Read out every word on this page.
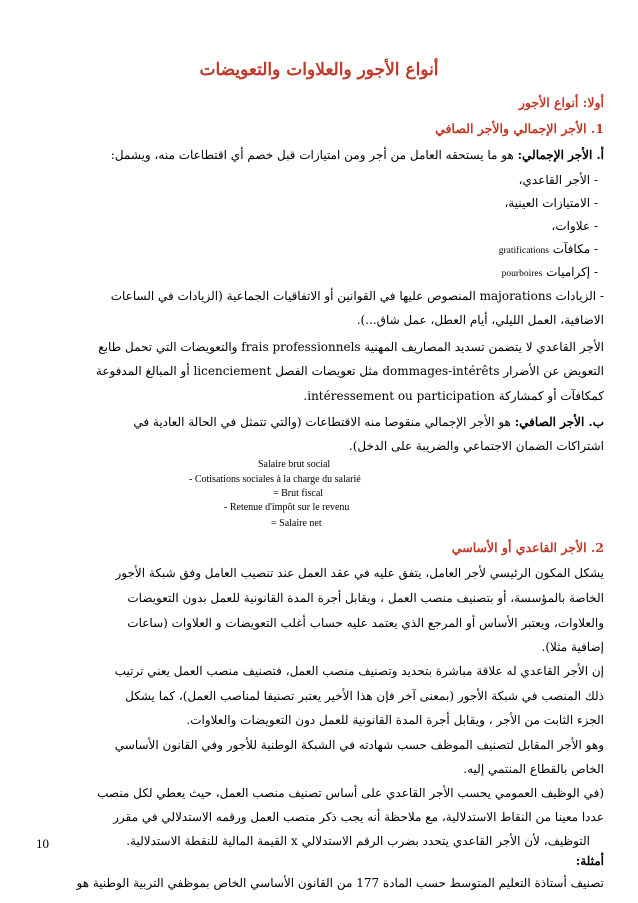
أنواع الأجور والعلاوات والتعويضات
أولا: أنواع الأجور
1. الأجر الإجمالي والأجر الصافي
أ. الأجر الإجمالي: هو ما يستحقه العامل من أجر ومن امتيازات قبل خصم أي اقتطاعات منه، ويشمل:
- الأجر القاعدي،
- الامتيازات العينية،
- علاوات،
- مكافآت gratifications
- إكراميات pourboires
- الزيادات majorations المنصوص عليها في القوانين أو الاتفاقيات الجماعية (الزيادات في الساعات
الاضافية، العمل الليلي، أيام العطل، عمل شاق...).
الأجر القاعدي لا يتضمن تسديد المصاريف المهنية frais professionnels والتعويضات التي تحمل طابع
التعويض عن الأضرار dommages-intérêts مثل تعويضات الفصل licenciement أو المبالغ المدفوعة
كمكافآت أو كمشاركة intéressement ou participation.
ب. الأجر الصافي: هو الأجر الإجمالي منقوصا منه الاقتطاعات (والتي تتمثل في الحالة العادية في
اشتراكات الضمان الاجتماعي والضريبة على الدخل).
Salaire brut social
- Cotisations sociales à la charge du salarié
= Brut fiscal
- Retenue d'impôt sur le revenu
= Salaire net
2. الأجر القاعدي أو الأساسي
يشكل المكون الرئيسي لأجر العامل، يتفق عليه في عقد العمل عند تنصيب العامل وفق شبكة الأجور
الخاصة بالمؤسسة، أو بتصنيف منصب العمل ، ويقابل أجرة المدة القانونية للعمل بدون التعويضات
والعلاوات، ويعتبر الأساس أو المرجع الذي يعتمد عليه حساب أغلب التعويضات و العلاوات (ساعات
إضافية مثلا).
إن الأجر القاعدي له علاقة مباشرة بتحديد وتصنيف منصب العمل، فتصنيف منصب العمل يعني ترتيب
ذلك المنصب في شبكة الأجور (بمعنى آخر فإن هذا الأخير يعتبر تصنيفا لمناصب العمل)، كما يشكل
الجزء الثابت من الأجر ، ويقابل أجرة المدة القانونية للعمل دون التعويضات والعلاوات.
وهو الأجر المقابل لتصنيف الموظف حسب شهادته في الشبكة الوطنية للأجور وفي القانون الأساسي
الخاص بالقطاع المنتمي إليه.
(في الوظيف العمومي يحسب الأجر القاعدي على أساس تصنيف منصب العمل، حيث يعطي لكل منصب
عددا معينا من النقاط الاستدلالية، مع ملاحظة أنه يجب ذكر منصب العمل ورقمه الاستدلالي في مقرر
التوظيف، لأن الأجر القاعدي يتحدد بضرب الرقم الاستدلالي x القيمة المالية للنقطة الاستدلالية.
أمثلة:
تصنيف أستاذة التعليم المتوسط حسب المادة 177 من القانون الأساسي الخاص بموظفي التربية الوطنية هو
10
